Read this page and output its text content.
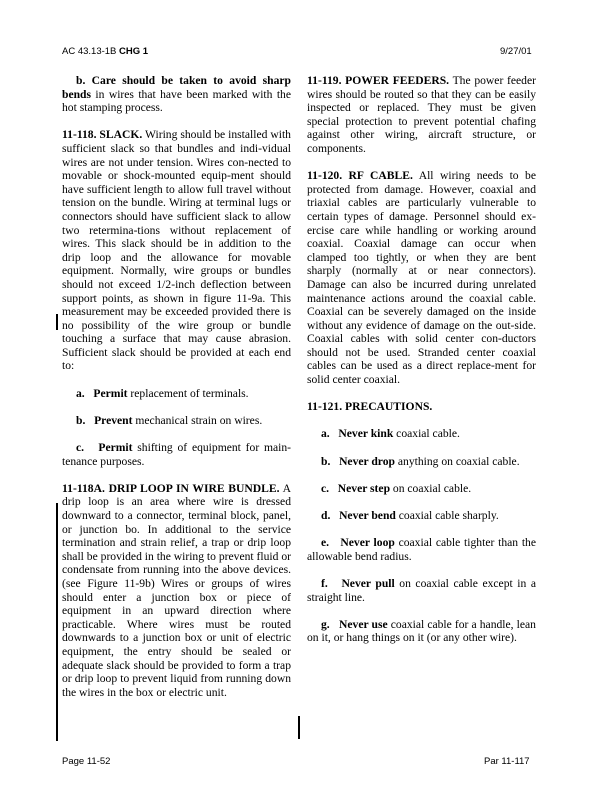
AC 43.13-1B CHG 1	9/27/01

b. Care should be taken to avoid sharp bends in wires that have been marked with the hot stamping process.

11-118. SLACK. Wiring should be installed with sufficient slack so that bundles and indi-vidual wires are not under tension. Wires con-nected to movable or shock-mounted equip-ment should have sufficient length to allow full travel without tension on the bundle. Wiring at terminal lugs or connectors should have sufficient slack to allow two retermina-tions without replacement of wires. This slack should be in addition to the drip loop and the allowance for movable equipment. Normally, wire groups or bundles should not exceed 1/2-inch deflection between support points, as shown in figure 11-9a. This measurement may be exceeded provided there is no possibility of the wire group or bundle touching a surface that may cause abrasion. Sufficient slack should be provided at each end to:

a. Permit replacement of terminals.

b. Prevent mechanical strain on wires.

c. Permit shifting of equipment for main-tenance purposes.

11-118A. DRIP LOOP IN WIRE BUNDLE. A drip loop is an area where wire is dressed downward to a connector, terminal block, panel, or junction bo. In additional to the service termination and strain relief, a trap or drip loop shall be provided in the wiring to prevent fluid or condensate from running into the above devices. (see Figure 11-9b) Wires or groups of wires should enter a junction box or piece of equipment in an upward direction where practicable. Where wires must be routed downwards to a junction box or unit of electric equipment, the entry should be sealed or adequate slack should be provided to form a trap or drip loop to prevent liquid from running down the wires in the box or electric unit.

11-119. POWER FEEDERS. The power feeder wires should be routed so that they can be easily inspected or replaced. They must be given special protection to prevent potential chafing against other wiring, aircraft structure, or components.

11-120. RF CABLE. All wiring needs to be protected from damage. However, coaxial and triaxial cables are particularly vulnerable to certain types of damage. Personnel should ex-ercise care while handling or working around coaxial. Coaxial damage can occur when clamped too tightly, or when they are bent sharply (normally at or near connectors). Damage can also be incurred during unrelated maintenance actions around the coaxial cable. Coaxial can be severely damaged on the inside without any evidence of damage on the out-side. Coaxial cables with solid center con-ductors should not be used. Stranded center coaxial cables can be used as a direct replace-ment for solid center coaxial.

11-121. PRECAUTIONS.

a. Never kink coaxial cable.

b. Never drop anything on coaxial cable.

c. Never step on coaxial cable.

d. Never bend coaxial cable sharply.

e. Never loop coaxial cable tighter than the allowable bend radius.

f. Never pull on coaxial cable except in a straight line.

g. Never use coaxial cable for a handle, lean on it, or hang things on it (or any other wire).

Page 11-52	Par 11-117
